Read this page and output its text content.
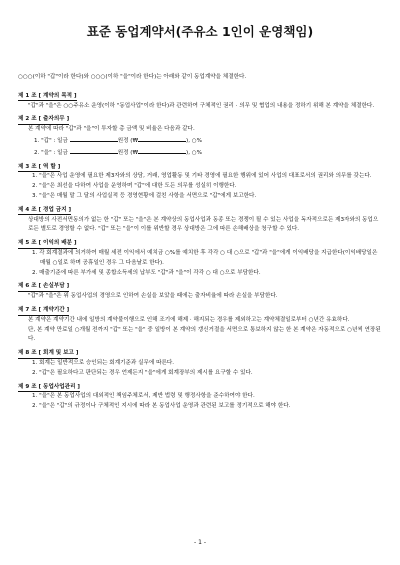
표준 동업계약서(주유소 1인이 운영책임)

○○○(이하 "갑"이라 한다)와 ○○○(이하 "을"이라 한다)는 아래와 같이 동업계약을 체결한다.

제 1 조 [ 계약의 목적 ]

"갑"과 "을"은 ○○주유소 운영(이하 "동업사업"이라 한다)과 관련하여 구체적인 권리 · 의무 및 협업의 내용을 정하기 위해 본 계약을 체결한다.

제 2 조 [ 출자의무 ]

본 계약에 따라 "갑"과 "을"이 투자할 총 금액 및 비율은 다음과 같다.

1. "갑" : 일금	원정 (₩	), ○%

2. "을" : 일금	원정 (₩	), ○%

제 3 조 [ 역 할 ]

1. "을"은 사업 운영에 필요한 제3자와의 상담, 거래, 영업활동 및 기타 경영에 필요한 행위에 있어 사업의 대표로서의 권리와 의무를 갖는다.

2. "을"은 최선을 다하여 사업을 운영하며 "갑"에 대한 도든 의무를 성실히 이행한다.

3. "을"은 매월 말 그 달의 사업실적 등 경영현황에 걸친 사항을 서면으로 "갑"에게 보고한다.

제 4 조 [ 경업 금지 ]

상대방의 사전서면동의가 없는 한 "갑" 또는 "을"은 본 계약상의 동업사업과 동종 또는 경쟁이 될 수 있는 사업을 독자적으로든 제3자와의 동업으로든 별도로 경영할 수 없다. "갑" 또는 "을"이 이를 위반할 경우 상대방은 그에 따른 손해배상을 청구할 수 있다.

제 5 조 [ 이익의 배분 ]

1. 각 회계결과에 의거하여 매월 세전 이익에서 예치금 ○%를 예치한 후 각각 ○ 대 ○으로 "갑"과 "을"에게 이익배당을 지급한다(이익배당일은 매월 ○일로 하며 공휴일인 경우 그 다음날로 한다).

2. 매출기준에 따른 부가세 및 종합소득세의 납부도 "갑"과 "을"이 각각 ○ 대 ○으로 부담한다.

제 6 조 [ 손실부담 ]

"갑"과 "을"은 위 동업사업의 경영으로 인하여 손실을 보았을 때에는 출자비율에 따라 손실을 부담한다.

제 7 조 [ 계약기간 ]

본 계약은 계약기간 내에 일방의 계약불이행으로 인해 조기에 해제 · 해지되는 경우를 제외하고는 계약체결일로부터 ○년간 유효하다.

단, 본 계약 만료일 ○개월 전까지 "갑" 또는 "을" 중 일방이 본 계약의 갱신거절을 서면으로 통보하지 않는 한 본 계약은 자동적으로 ○년씩 연장된다.

제 8 조 [ 회계 및 보고 ]

1. 회계는 일반적으로 승인되는 회계기준과 실무에 따른다.

2. "갑"은 필요하다고 판단되는 경우 언제든지 "을"에게 회계장부의 제시를 요구할 수 있다.

제 9 조 [ 동업사업관리 ]

1. "을"은 본 동업사업의 대외적인 책임주체로서, 제반 법령 및 행정사항을 준수하여야 한다.

2. "을"은 "갑"의 규정이나 구체적인 지시에 따라 본 동업사업 운영과 관련된 보고를 정기적으로 해야 한다.

- 1 -
